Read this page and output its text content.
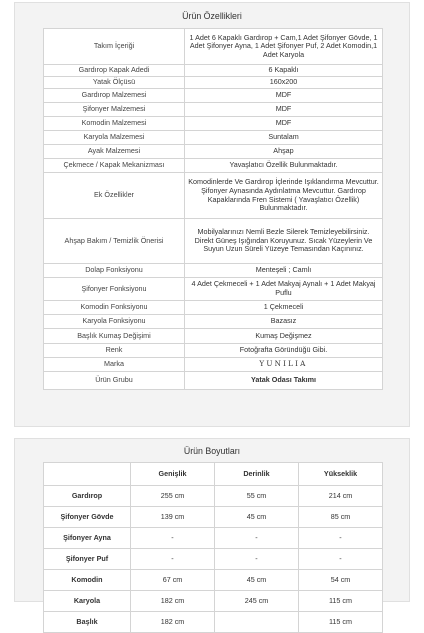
Ürün Özellikleri
Takım İçeriği	1 Adet 6 Kapaklı Gardırop + Cam,1 Adet Şifonyer Gövde, 1 Adet Şifonyer Ayna, 1 Adet Şifonyer Puf, 2 Adet Komodin,1 Adet Karyola
Gardırop Kapak Adedi	6 Kapaklı
Yatak Ölçüsü	160x200
Gardırop Malzemesi	MDF
Şifonyer Malzemesi	MDF
Komodin Malzemesi	MDF
Karyola Malzemesi	Suntalam
Ayak Malzemesi	Ahşap
Çekmece / Kapak Mekanizması	Yavaşlatıcı Özellik Bulunmaktadır.
Ek Özellikler	Komodinlerde Ve Gardırop İçlerinde Işıklandırma Mevcuttur. Şifonyer Aynasında Aydınlatma Mevcuttur. Gardırop Kapaklarında Fren Sistemi ( Yavaşlatıcı Özellik) Bulunmaktadır.
Ahşap Bakım / Temizlik Önerisi	Mobilyalarınızı Nemli Bezle Silerek Temizleyebilirsiniz. Direkt Güneş Işığından Koruyunuz. Sıcak Yüzeylerin Ve Suyun Uzun Süreli Yüzeye Temasından Kaçınınız.
Dolap Fonksiyonu	Menteşeli ; Camlı
Şifonyer Fonksiyonu	4 Adet Çekmeceli + 1 Adet Makyaj Aynalı + 1 Adet Makyaj Puflu
Komodin Fonksiyonu	1 Çekmeceli
Karyola Fonksiyonu	Bazasız
Başlık Kumaş Değişimi	Kumaş Değişmez
Renk	Fotoğrafta Göründüğü Gibi.
Marka	YUNILIA
Ürün Grubu	Yatak Odası Takımı
Ürün Boyutları
	Genişlik	Derinlik	Yükseklik
Gardırop	255 cm	55 cm	214 cm
Şifonyer Gövde	139 cm	45 cm	85 cm
Şifonyer Ayna	-	-	-
Şifonyer Puf	-	-	-
Komodin	67 cm	45 cm	54 cm
Karyola	182 cm	245 cm	115 cm
Başlık	182 cm		115 cm
